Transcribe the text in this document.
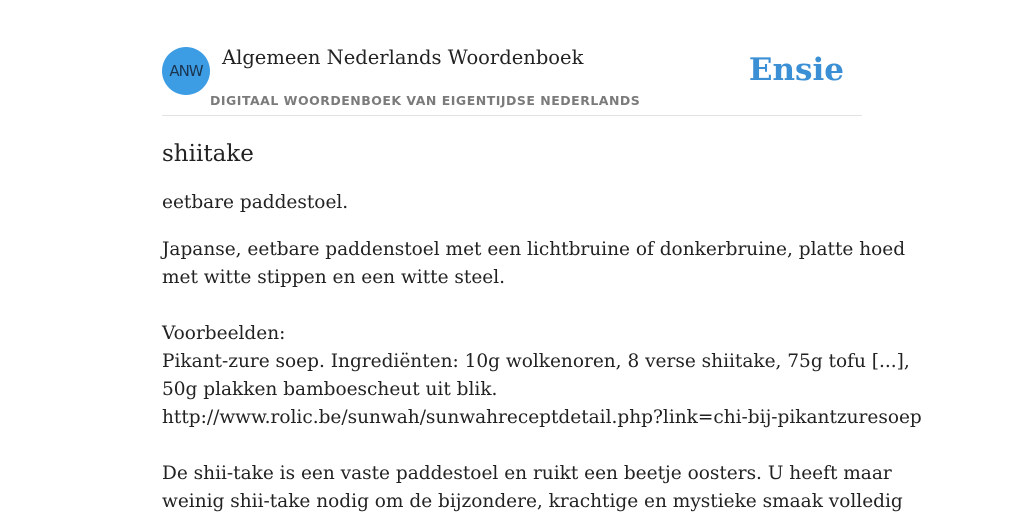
ANW
Algemeen Nederlands Woordenboek
DIGITAAL WOORDENBOEK VAN EIGENTIJDSE NEDERLANDS
Ensie
shiitake

eetbare paddestoel.

Japanse, eetbare paddenstoel met een lichtbruine of donkerbruine, platte hoed
met witte stippen en een witte steel.
Voorbeelden:
Pikant-zure soep. Ingrediënten: 10g wolkenoren, 8 verse shiitake, 75g tofu [...],
50g plakken bamboescheut uit blik.
http://www.rolic.be/sunwah/sunwahreceptdetail.php?link=chi-bij-pikantzuresoep
De shii-take is een vaste paddestoel en ruikt een beetje oosters. U heeft maar
weinig shii-take nodig om de bijzondere, krachtige en mystieke smaak volledig
